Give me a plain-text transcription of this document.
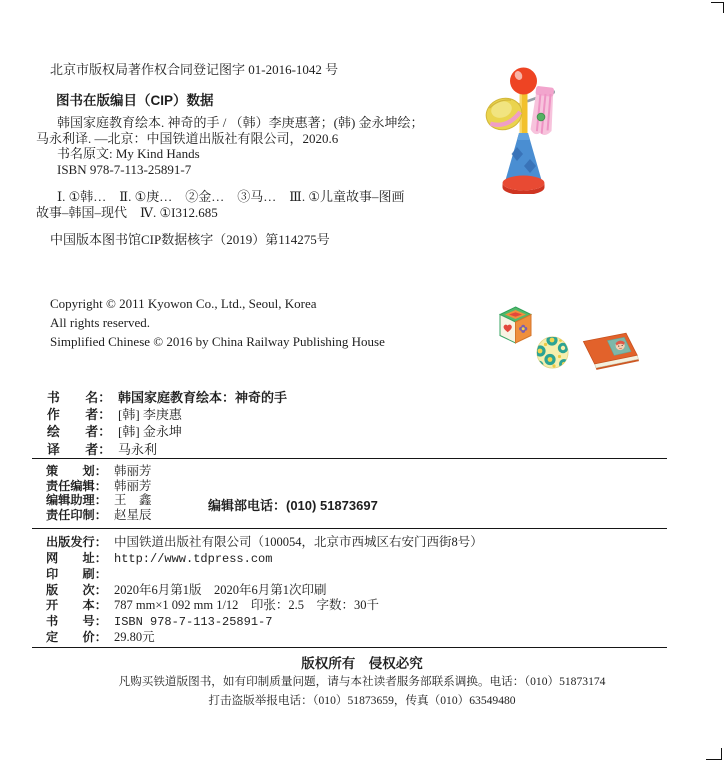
北京市版权局著作权合同登记图字 01-2016-1042 号
图书在版编目（CIP）数据
韩国家庭教育绘本. 神奇的手 / （韩）李庚惠著；(韩) 金永坤绘；
马永利译. —北京：中国铁道出版社有限公司，2020.6
书名原文: My Kind Hands
ISBN 978-7-113-25891-7
Ⅰ. ①韩…　Ⅱ. ①庚…　②金…　③马…　Ⅲ. ①儿童故事–图画
故事–韩国–现代　Ⅳ. ①I312.685
中国版本图书馆CIP数据核字（2019）第114275号
Copyright © 2011 Kyowon Co., Ltd., Seoul, Korea
All rights reserved.
Simplified Chinese © 2016 by China Railway Publishing House
书　　名： 韩国家庭教育绘本：神奇的手
作　　者： [韩] 李庚惠
绘　　者： [韩] 金永坤
译　　者： 马永利
策　　划： 韩丽芳
责任编辑： 韩丽芳
编辑助理： 王　鑫
责任印制： 赵星辰
编辑部电话：(010) 51873697
出版发行： 中国铁道出版社有限公司（100054，北京市西城区右安门西街8号）
网　　址： http://www.tdpress.com
印　　刷：
版　　次： 2020年6月第1版　2020年6月第1次印刷
开　　本： 787 mm×1 092 mm 1/12　印张：2.5　字数：30千
书　　号： ISBN 978-7-113-25891-7
定　　价： 29.80元
版权所有　侵权必究
凡购买铁道版图书，如有印制质量问题，请与本社读者服务部联系调换。电话：（010）51873174
打击盗版举报电话：（010）51873659，传真（010）63549480
